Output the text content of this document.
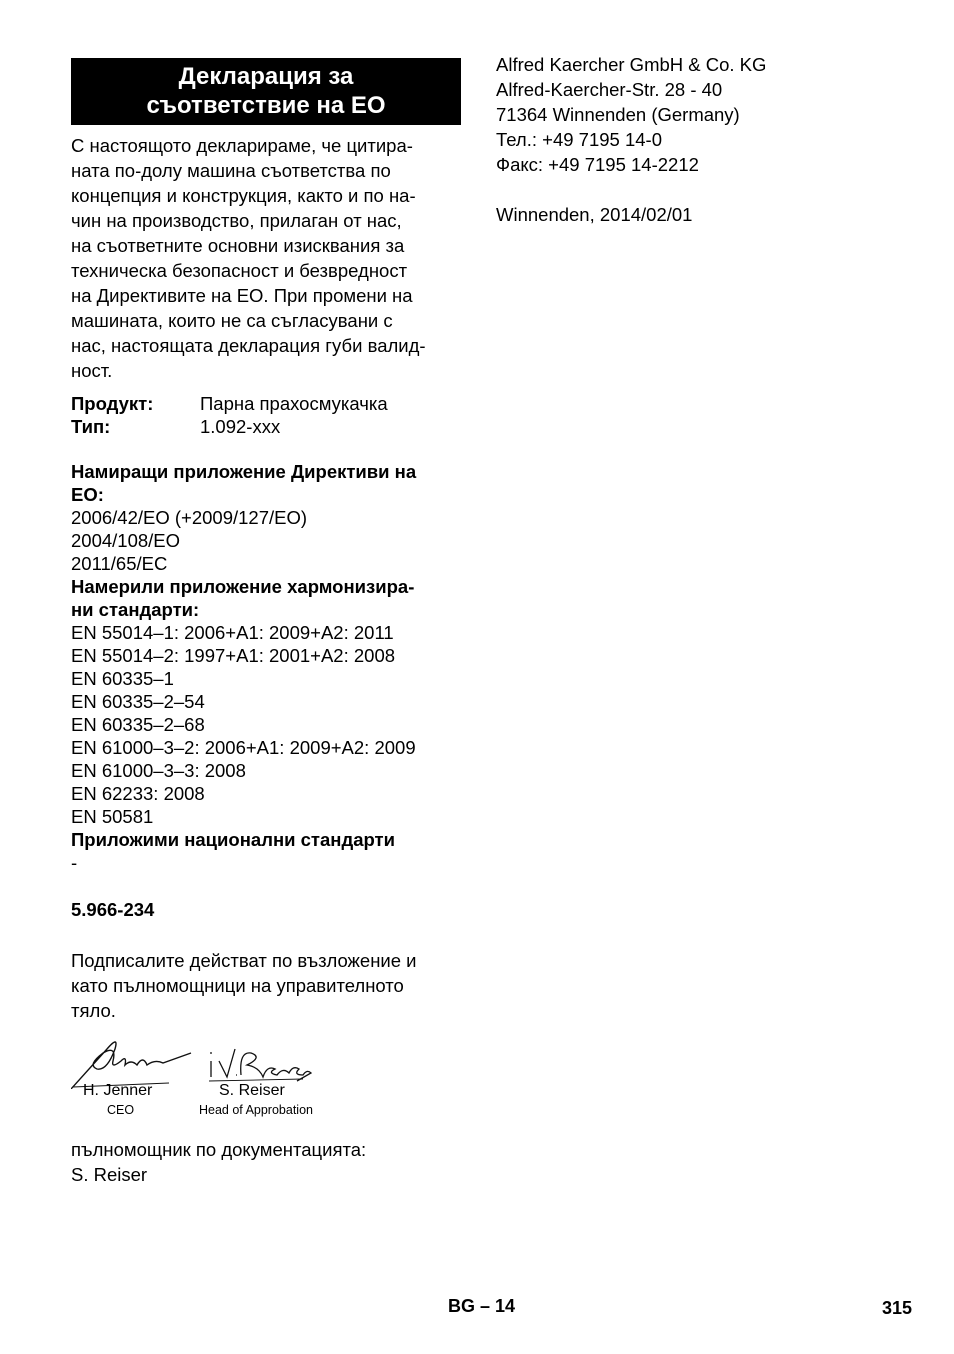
Декларация за
съответствие на ЕО
С настоящото декларираме, че цитира-
ната по-долу машина съответства по
концепция и конструкция, както и по на-
чин на производство, прилаган от нас,
на съответните основни изисквания за
техническа безопасност и безвредност
на Директивите на ЕО. При промени на
машината, които не са съгласувани с
нас, настоящата декларация губи валид-
ност.
Продукт:	Парна прахосмукачка
Тип:	1.092-xxx
Намиращи приложение Директиви на
ЕО:
2006/42/ЕО (+2009/127/ЕО)
2004/108/ЕО
2011/65/EC
Намерили приложение хармонизира-
ни стандарти:
EN 55014–1: 2006+A1: 2009+A2: 2011
EN 55014–2: 1997+A1: 2001+A2: 2008
EN 60335–1
EN 60335–2–54
EN 60335–2–68
EN 61000–3–2: 2006+A1: 2009+A2: 2009
EN 61000–3–3: 2008
EN 62233: 2008
EN 50581
Приложими национални стандарти
-
5.966-234
Подписалите действат по възложение и
като пълномощници на управителното
тяло.
H. Jenner
CEO
S. Reiser
Head of Approbation
пълномощник по документацията:
S. Reiser
Alfred Kaercher GmbH & Co. KG
Alfred-Kaercher-Str. 28 - 40
71364 Winnenden (Germany)
Тел.: +49 7195 14-0
Факс: +49 7195 14-2212
Winnenden, 2014/02/01
BG – 14	315
